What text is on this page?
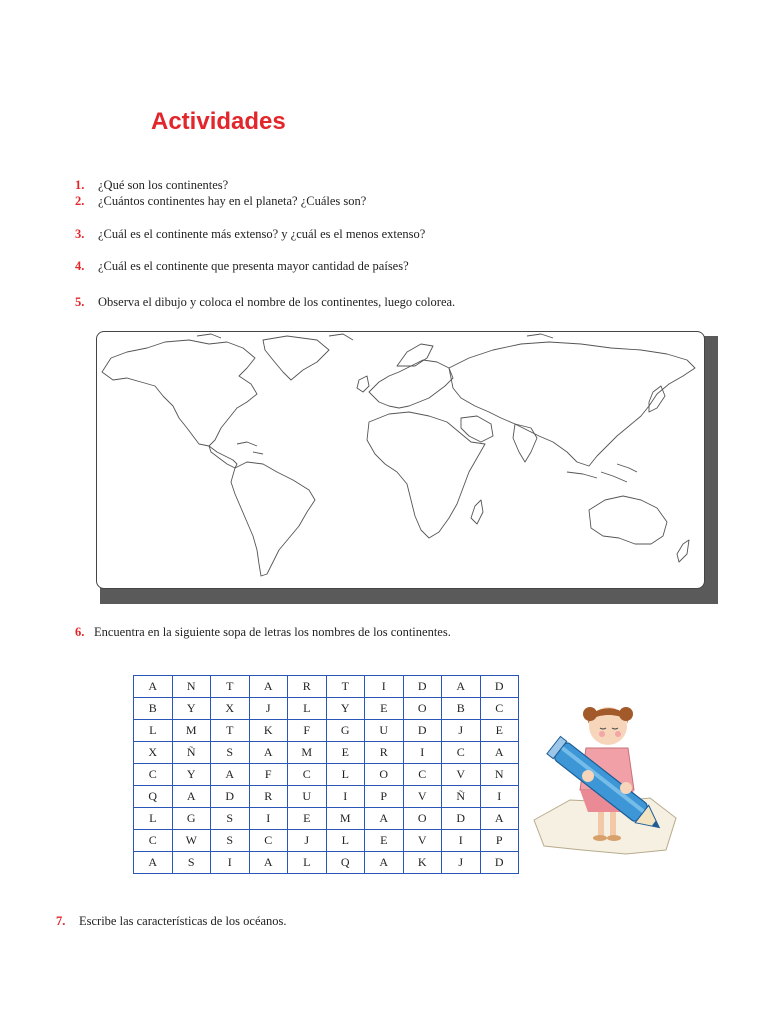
Actividades
1. ¿Qué son los continentes?
2. ¿Cuántos continentes hay en el planeta? ¿Cuáles son?
3. ¿Cuál es el continente más extenso? y ¿cuál es el menos extenso?
4. ¿Cuál es el continente que presenta mayor cantidad de países?
5. Observa el dibujo y coloca el nombre de los continentes, luego colorea.
6. Encuentra en la siguiente sopa de letras los nombres de los continentes.
A	N	T	A	R	T	I	D	A	D
B	Y	X	J	L	Y	E	O	B	C
L	M	T	K	F	G	U	D	J	E
X	Ñ	S	A	M	E	R	I	C	A
C	Y	A	F	C	L	O	C	V	N
Q	A	D	R	U	I	P	V	Ñ	I
L	G	S	I	E	M	A	O	D	A
C	W	S	C	J	L	E	V	I	P
A	S	I	A	L	Q	A	K	J	D
7. Escribe las características de los océanos.
